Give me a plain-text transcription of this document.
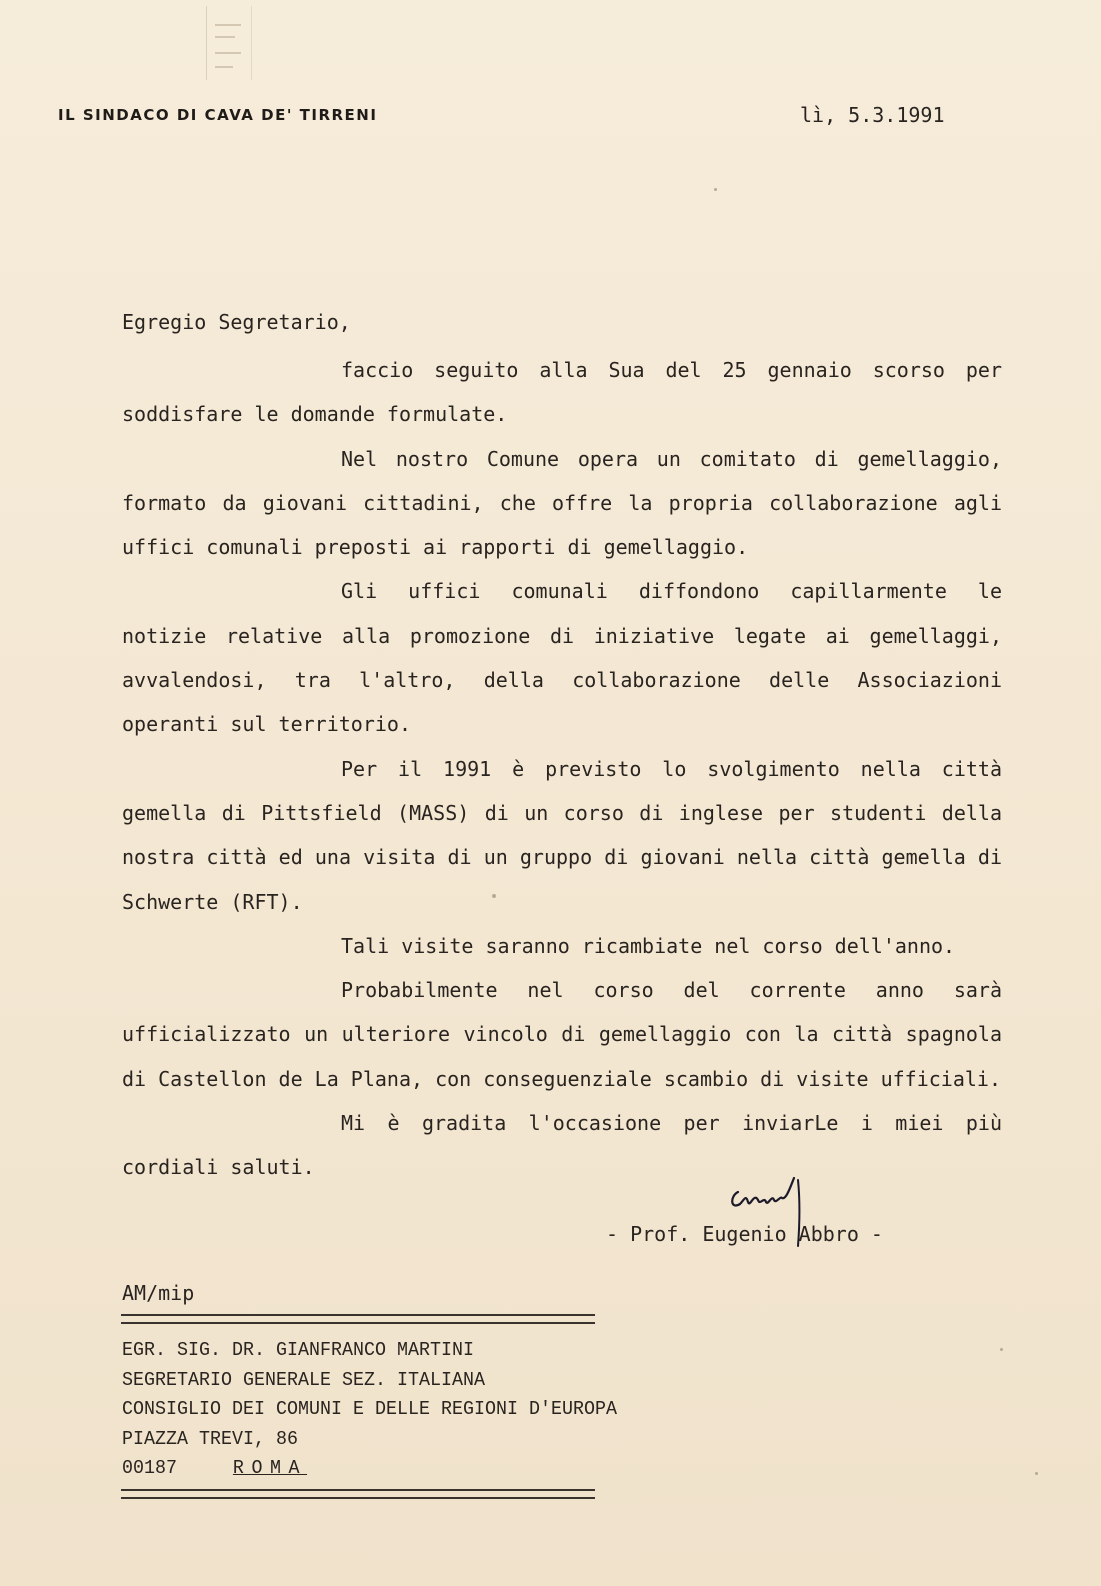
IL SINDACO DI CAVA DE' TIRRENI	lì, 5.3.1991

Egregio Segretario,

faccio seguito alla Sua del 25 gennaio scorso per soddisfare le domande formulate.

Nel nostro Comune opera un comitato di gemellaggio, formato da giovani cittadini, che offre la propria collaborazione agli uffici comunali preposti ai rapporti di gemellaggio.

Gli uffici comunali diffondono capillarmente le notizie relative alla promozione di iniziative legate ai gemellaggi, avvalendosi, tra l'altro, della collaborazione delle Associazioni operanti sul territorio.

Per il 1991 è previsto lo svolgimento nella città gemella di Pittsfield (MASS) di un corso di inglese per studenti della nostra città ed una visita di un gruppo di giovani nella città gemella di Schwerte (RFT).

Tali visite saranno ricambiate nel corso dell'anno.

Probabilmente nel corso del corrente anno sarà ufficializzato un ulteriore vincolo di gemellaggio con la città spagnola di Castellon de La Plana, con conseguenziale scambio di visite ufficiali.

Mi è gradita l'occasione per inviarLe i miei più cordiali saluti.

- Prof. Eugenio Abbro -

AM/mip

EGR. SIG. DR. GIANFRANCO MARTINI
SEGRETARIO GENERALE SEZ. ITALIANA
CONSIGLIO DEI COMUNI E DELLE REGIONI D'EUROPA
PIAZZA TREVI, 86
00187	ROMA
